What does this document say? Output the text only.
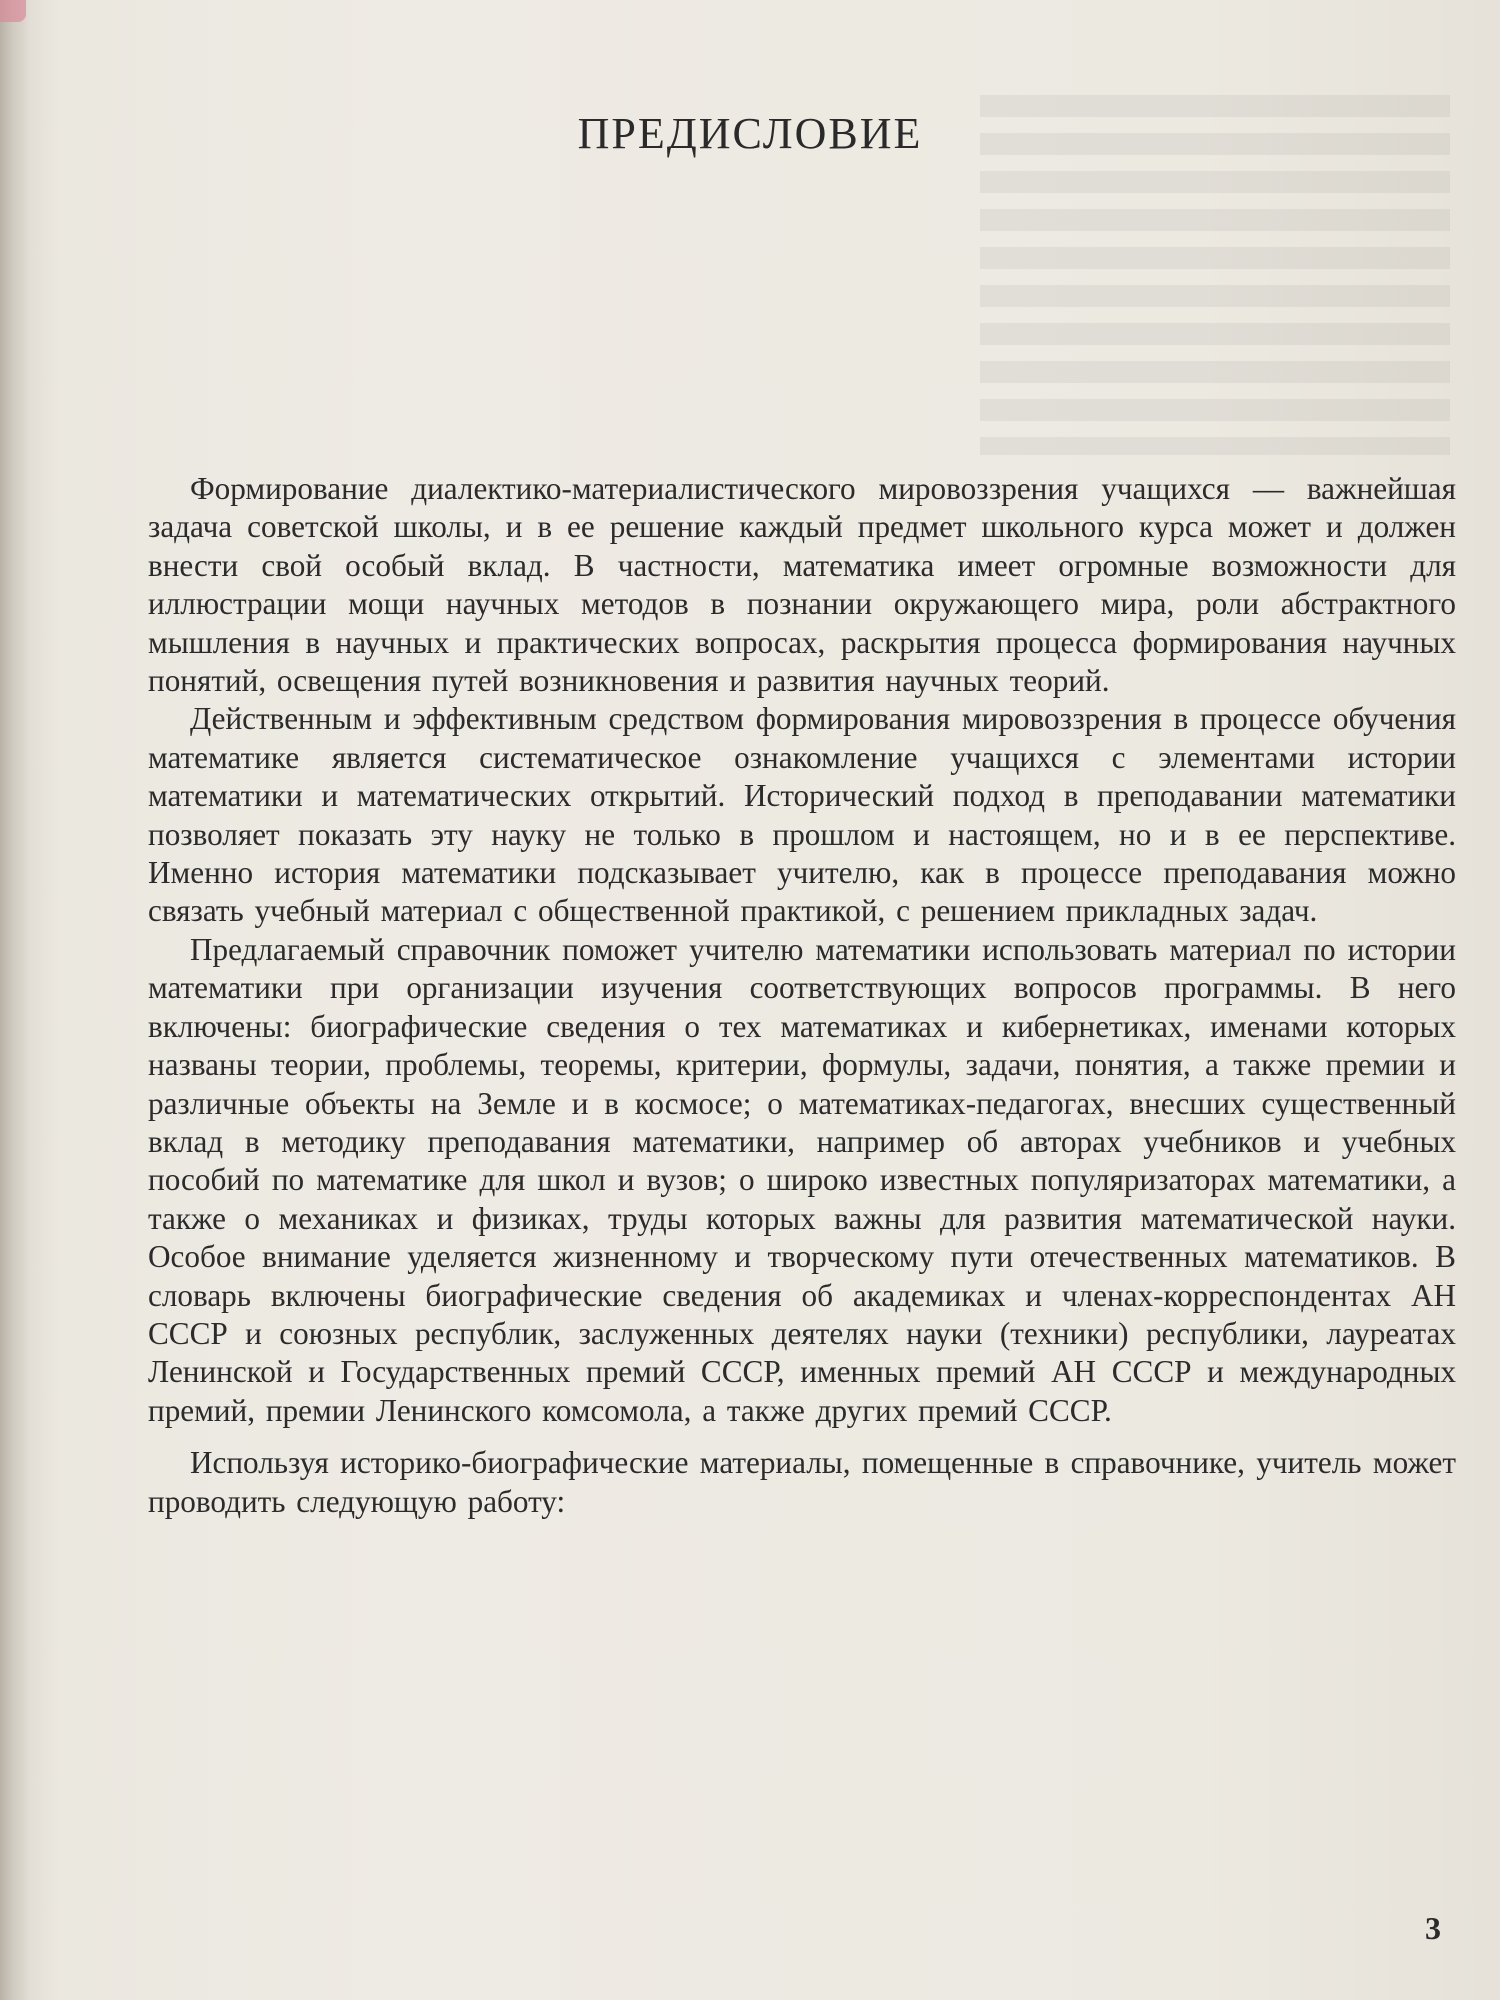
ПРЕДИСЛОВИЕ

Формирование диалектико-материалистического мировоззрения учащихся — важнейшая задача советской школы, и в ее решение каждый предмет школьного курса может и должен внести свой особый вклад. В частности, математика имеет огромные возможности для иллюстрации мощи научных методов в познании окружающего мира, роли абстрактного мышления в научных и практических вопросах, раскрытия процесса формирования научных понятий, освещения путей возникновения и развития научных теорий.

Действенным и эффективным средством формирования мировоззрения в процессе обучения математике является систематическое ознакомление учащихся с элементами истории математики и математических открытий. Исторический подход в преподавании математики позволяет показать эту науку не только в прошлом и настоящем, но и в ее перспективе. Именно история математики подсказывает учителю, как в процессе преподавания можно связать учебный материал с общественной практикой, с решением прикладных задач.

Предлагаемый справочник поможет учителю математики использовать материал по истории математики при организации изучения соответствующих вопросов программы. В него включены: биографические сведения о тех математиках и кибернетиках, именами которых названы теории, проблемы, теоремы, критерии, формулы, задачи, понятия, а также премии и различные объекты на Земле и в космосе; о математиках-педагогах, внесших существенный вклад в методику преподавания математики, например об авторах учебников и учебных пособий по математике для школ и вузов; о широко известных популяризаторах математики, а также о механиках и физиках, труды которых важны для развития математической науки. Особое внимание уделяется жизненному и творческому пути отечественных математиков. В словарь включены биографические сведения об академиках и членах-корреспондентах АН СССР и союзных республик, заслуженных деятелях науки (техники) республики, лауреатах Ленинской и Государственных премий СССР, именных премий АН СССР и международных премий, премии Ленинского комсомола, а также других премий СССР.

Используя историко-биографические материалы, помещенные в справочнике, учитель может проводить следующую работу:

3
